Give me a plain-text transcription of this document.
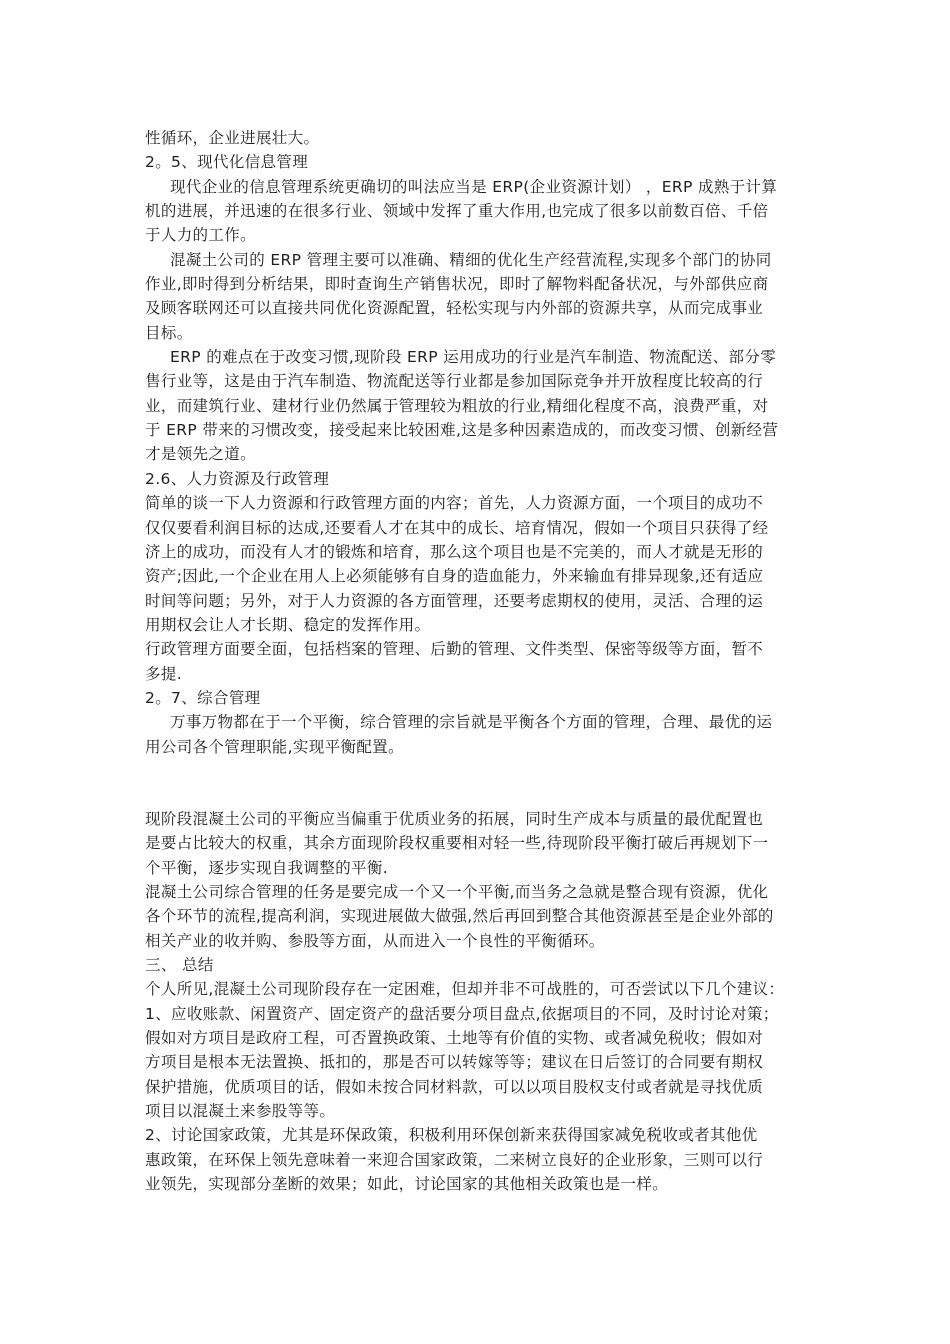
性循环，企业进展壮大。
2。5、现代化信息管理
现代企业的信息管理系统更确切的叫法应当是 ERP(企业资源计划） ，ERP 成熟于计算
机的进展，并迅速的在很多行业、领域中发挥了重大作用,也完成了很多以前数百倍、千倍
于人力的工作。
混凝土公司的 ERP 管理主要可以准确、精细的优化生产经营流程,实现多个部门的协同
作业,即时得到分析结果，即时查询生产销售状况，即时了解物料配备状况，与外部供应商
及顾客联网还可以直接共同优化资源配置，轻松实现与内外部的资源共享，从而完成事业
目标。
ERP 的难点在于改变习惯,现阶段 ERP 运用成功的行业是汽车制造、物流配送、部分零
售行业等，这是由于汽车制造、物流配送等行业都是参加国际竞争并开放程度比较高的行
业，而建筑行业、建材行业仍然属于管理较为粗放的行业,精细化程度不高，浪费严重，对
于 ERP 带来的习惯改变，接受起来比较困难,这是多种因素造成的，而改变习惯、创新经营
才是领先之道。
2.6、人力资源及行政管理
简单的谈一下人力资源和行政管理方面的内容；首先，人力资源方面，一个项目的成功不
仅仅要看利润目标的达成,还要看人才在其中的成长、培育情况，假如一个项目只获得了经
济上的成功，而没有人才的锻炼和培育，那么这个项目也是不完美的，而人才就是无形的
资产;因此,一个企业在用人上必须能够有自身的造血能力，外来输血有排异现象,还有适应
时间等问题；另外，对于人力资源的各方面管理，还要考虑期权的使用，灵活、合理的运
用期权会让人才长期、稳定的发挥作用。
行政管理方面要全面，包括档案的管理、后勤的管理、文件类型、保密等级等方面，暂不
多提.
2。7、综合管理
万事万物都在于一个平衡，综合管理的宗旨就是平衡各个方面的管理，合理、最优的运
用公司各个管理职能,实现平衡配置。
现阶段混凝土公司的平衡应当偏重于优质业务的拓展，同时生产成本与质量的最优配置也
是要占比较大的权重，其余方面现阶段权重要相对轻一些,待现阶段平衡打破后再规划下一
个平衡，逐步实现自我调整的平衡.
混凝土公司综合管理的任务是要完成一个又一个平衡,而当务之急就是整合现有资源，优化
各个环节的流程,提高利润，实现进展做大做强,然后再回到整合其他资源甚至是企业外部的
相关产业的收并购、参股等方面，从而进入一个良性的平衡循环。
三、 总结
个人所见,混凝土公司现阶段存在一定困难，但却并非不可战胜的，可否尝试以下几个建议：
1、应收账款、闲置资产、固定资产的盘活要分项目盘点,依据项目的不同，及时讨论对策；
假如对方项目是政府工程，可否置换政策、土地等有价值的实物、或者减免税收；假如对
方项目是根本无法置换、抵扣的，那是否可以转嫁等等；建议在日后签订的合同要有期权
保护措施，优质项目的话，假如未按合同材料款，可以以项目股权支付或者就是寻找优质
项目以混凝土来参股等等。
2、讨论国家政策，尤其是环保政策，积极利用环保创新来获得国家减免税收或者其他优
惠政策，在环保上领先意味着一来迎合国家政策，二来树立良好的企业形象，三则可以行
业领先，实现部分垄断的效果；如此，讨论国家的其他相关政策也是一样。
